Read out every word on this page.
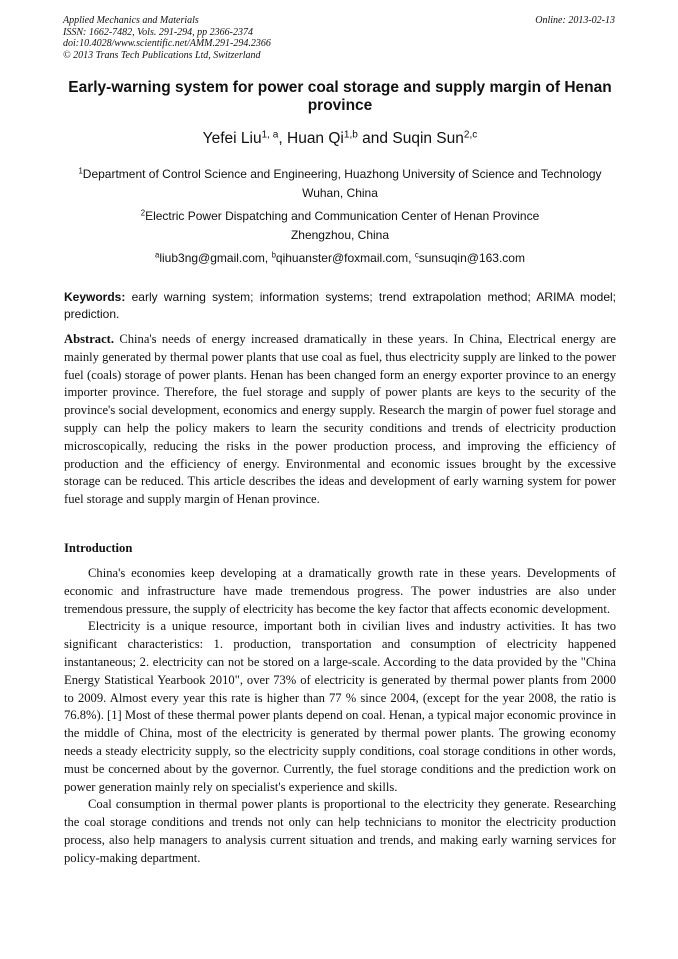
Applied Mechanics and Materials
ISSN: 1662-7482, Vols. 291-294, pp 2366-2374
doi:10.4028/www.scientific.net/AMM.291-294.2366
© 2013 Trans Tech Publications Ltd, Switzerland
Online: 2013-02-13
Early-warning system for power coal storage and supply margin of Henan province
Yefei Liu$^{1, a}$, Huan Qi$^{1,b}$ and Suqin Sun$^{2,c}$
$^1$Department of Control Science and Engineering, Huazhong University of Science and Technology
Wuhan, China
$^2$Electric Power Dispatching and Communication Center of Henan Province
Zhengzhou, China
$^a$liub3ng@gmail.com, $^b$qihuanster@foxmail.com, $^c$sunsuqin@163.com
Keywords: early warning system; information systems; trend extrapolation method; ARIMA model; prediction.
Abstract. China's needs of energy increased dramatically in these years. In China, Electrical energy are mainly generated by thermal power plants that use coal as fuel, thus electricity supply are linked to the power fuel (coals) storage of power plants. Henan has been changed form an energy exporter province to an energy importer province. Therefore, the fuel storage and supply of power plants are keys to the security of the province's social development, economics and energy supply. Research the margin of power fuel storage and supply can help the policy makers to learn the security conditions and trends of electricity production microscopically, reducing the risks in the power production process, and improving the efficiency of production and the efficiency of energy. Environmental and economic issues brought by the excessive storage can be reduced. This article describes the ideas and development of early warning system for power fuel storage and supply margin of Henan province.
Introduction

China's economies keep developing at a dramatically growth rate in these years. Developments of economic and infrastructure have made tremendous progress. The power industries are also under tremendous pressure, the supply of electricity has become the key factor that affects economic development.

Electricity is a unique resource, important both in civilian lives and industry activities. It has two significant characteristics: 1. production, transportation and consumption of electricity happened instantaneous; 2. electricity can not be stored on a large-scale. According to the data provided by the "China Energy Statistical Yearbook 2010", over 73% of electricity is generated by thermal power plants from 2000 to 2009. Almost every year this rate is higher than 77 % since 2004, (except for the year 2008, the ratio is 76.8%). [1] Most of these thermal power plants depend on coal. Henan, a typical major economic province in the middle of China, most of the electricity is generated by thermal power plants. The growing economy needs a steady electricity supply, so the electricity supply conditions, coal storage conditions in other words, must be concerned about by the governor. Currently, the fuel storage conditions and the prediction work on power generation mainly rely on specialist's experience and skills.

Coal consumption in thermal power plants is proportional to the electricity they generate. Researching the coal storage conditions and trends not only can help technicians to monitor the electricity production process, also help managers to analysis current situation and trends, and making early warning services for policy-making department.
